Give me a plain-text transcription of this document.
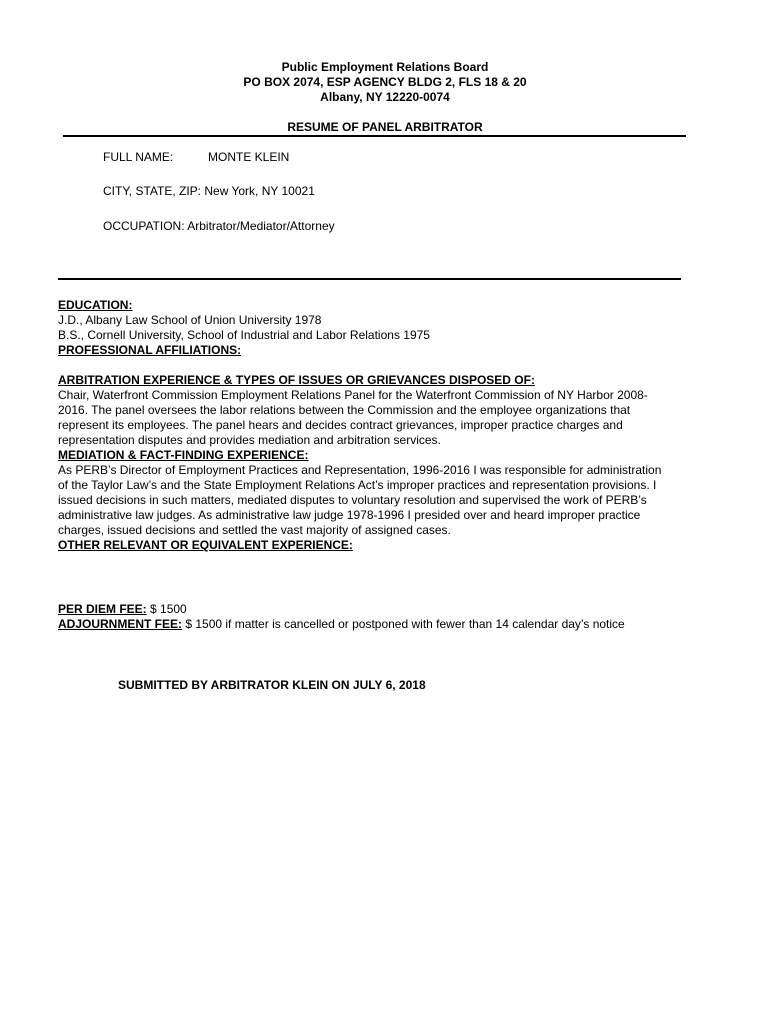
Public Employment Relations Board
PO BOX 2074, ESP AGENCY BLDG 2, FLS 18 & 20
Albany, NY 12220-0074
RESUME OF PANEL ARBITRATOR
FULL NAME:	MONTE KLEIN
CITY, STATE, ZIP: New York, NY 10021
OCCUPATION: Arbitrator/Mediator/Attorney
EDUCATION:
J.D., Albany Law School of Union University 1978
B.S., Cornell University, School of Industrial and Labor Relations 1975
PROFESSIONAL AFFILIATIONS:
ARBITRATION EXPERIENCE & TYPES OF ISSUES OR GRIEVANCES DISPOSED OF:
Chair, Waterfront Commission Employment Relations Panel for the Waterfront Commission of NY Harbor 2008-
2016. The panel oversees the labor relations between the Commission and the employee organizations that
represent its employees. The panel hears and decides contract grievances, improper practice charges and
representation disputes and provides mediation and arbitration services.
MEDIATION & FACT-FINDING EXPERIENCE:
As PERB’s Director of Employment Practices and Representation, 1996-2016 I was responsible for administration
of the Taylor Law’s and the State Employment Relations Act’s improper practices and representation provisions. I
issued decisions in such matters, mediated disputes to voluntary resolution and supervised the work of PERB’s
administrative law judges. As administrative law judge 1978-1996 I presided over and heard improper practice
charges, issued decisions and settled the vast majority of assigned cases.
OTHER RELEVANT OR EQUIVALENT EXPERIENCE:
PER DIEM FEE: $ 1500
ADJOURNMENT FEE: $ 1500 if matter is cancelled or postponed with fewer than 14 calendar day’s notice
SUBMITTED BY ARBITRATOR KLEIN ON JULY 6, 2018
